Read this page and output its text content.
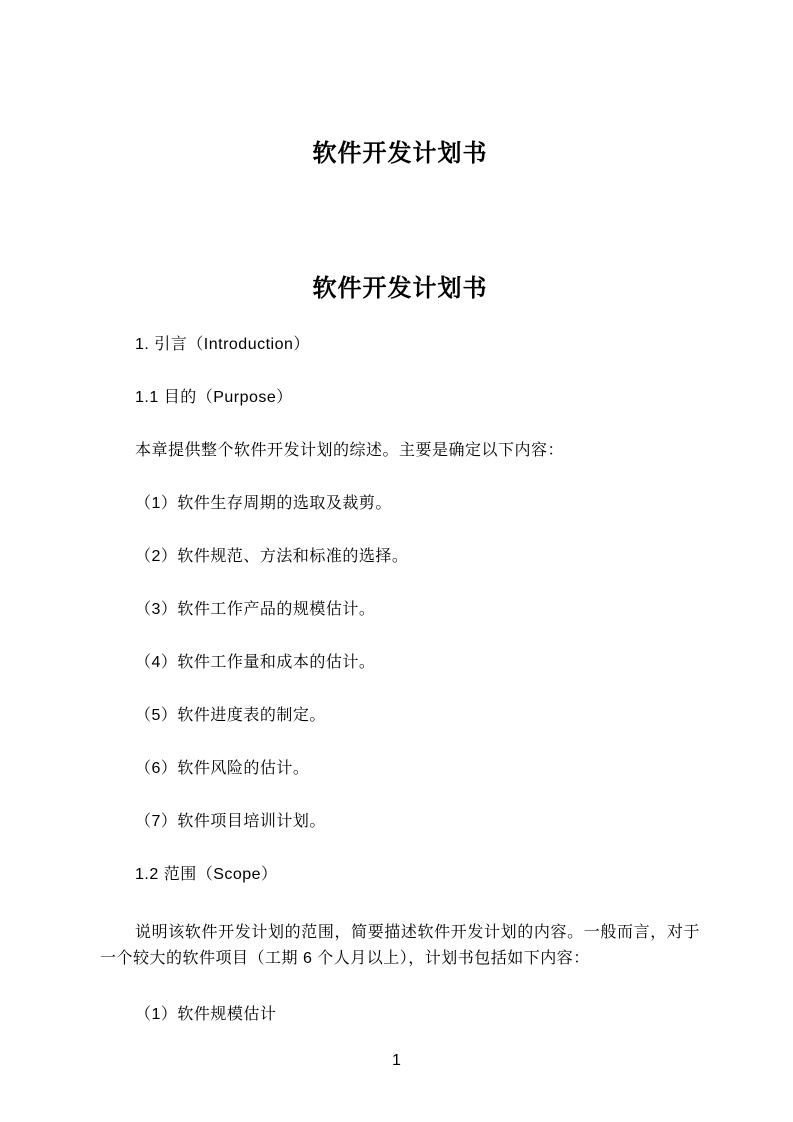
软件开发计划书
软件开发计划书

1. 引言（Introduction）

1.1 目的（Purpose）

本章提供整个软件开发计划的综述。主要是确定以下内容：

（1）软件生存周期的选取及裁剪。

（2）软件规范、方法和标准的选择。

（3）软件工作产品的规模估计。

（4）软件工作量和成本的估计。

（5）软件进度表的制定。

（6）软件风险的估计。

（7）软件项目培训计划。

1.2 范围（Scope）

说明该软件开发计划的范围，简要描述软件开发计划的内容。一般而言，对于一个较大的软件项目（工期 6 个人月以上），计划书包括如下内容：

（1）软件规模估计

1
